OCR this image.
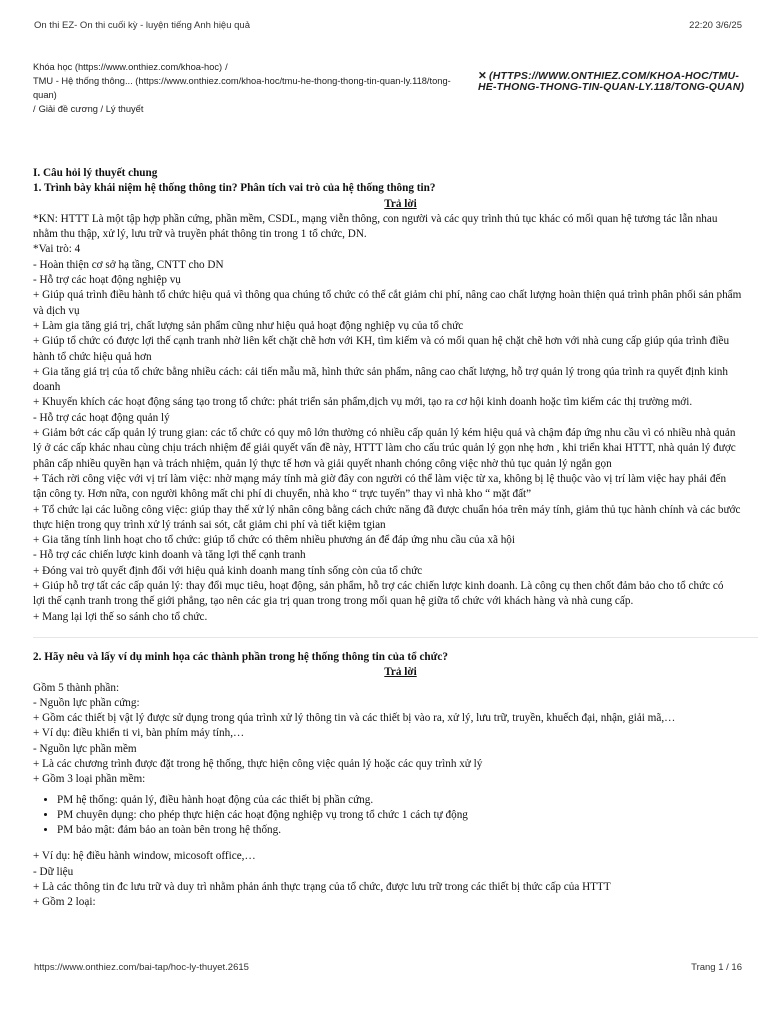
On thi EZ- On thi cuối kỳ - luyện tiếng Anh hiệu quả	22:20 3/6/25
Khóa học (https://www.onthiez.com/khoa-hoc) /
TMU - Hệ thống thông... (https://www.onthiez.com/khoa-hoc/tmu-he-thong-thong-tin-quan-ly.118/tong-quan)
/ Giải đề cương / Lý thuyết
✕ (HTTPS://WWW.ONTHIEZ.COM/KHOA-HOC/TMU-
HE-THONG-THONG-TIN-QUAN-LY.118/TONG-QUAN)

I. Câu hỏi lý thuyết chung

1. Trình bày khái niệm hệ thống thông tin? Phân tích vai trò của hệ thống thông tin?

Trả lời

*KN: HTTT Là một tập hợp phần cứng, phần mềm, CSDL, mạng viễn thông, con người và các quy trình thủ tục khác có mối quan hệ tương tác lẫn nhau

nhằm thu thập, xử lý, lưu trữ và truyền phát thông tin trong 1 tổ chức, DN.

*Vai trò: 4

- Hoàn thiện cơ sở hạ tầng, CNTT cho DN

- Hỗ trợ các hoạt động nghiệp vụ

+ Giúp quá trình điều hành tổ chức hiệu quả vì thông qua chúng tổ chức có thể cắt giảm chi phí, nâng cao chất lượng hoàn thiện quá trình phân phối sản phẩm

và dịch vụ

+ Làm gia tăng giá trị, chất lượng sản phẩm cũng như hiệu quả hoạt động nghiệp vụ của tổ chức

+ Giúp tổ chức có được lợi thế cạnh tranh nhờ liên kết chặt chẽ hơn với KH, tìm kiếm và có mối quan hệ chặt chẽ hơn với nhà cung cấp giúp qúa trình điều

hành tổ chức hiệu quả hơn

+ Gia tăng giá trị của tổ chức bằng nhiều cách: cải tiến mẫu mã, hình thức sản phẩm, nâng cao chất lượng, hỗ trợ quản lý trong qúa trình ra quyết định kinh

doanh

+ Khuyến khích các hoạt động sáng tạo trong tổ chức: phát triển sản phẩm,dịch vụ mới, tạo ra cơ hội kinh doanh hoặc tìm kiếm các thị trường mới.

- Hỗ trợ các hoạt động quản lý

+ Giảm bớt các cấp quản lý trung gian: các tổ chức có quy mô lớn thường có nhiều cấp quản lý kém hiệu quả và chậm đáp ứng nhu cầu vì có nhiều nhà quản

lý ở các cấp khác nhau cùng chịu trách nhiệm để giải quyết vấn đề này, HTTT làm cho cấu trúc quản lý gọn nhẹ hơn , khi triển khai HTTT, nhà quản lý được

phân cấp nhiều quyền hạn và trách nhiệm, quản lý thực tế hơn và giải quyết nhanh chóng công việc nhờ thủ tục quản lý ngắn gọn

+ Tách rời công việc với vị trí làm việc: nhờ mạng máy tính mà giờ đây con người có thể làm việc từ xa, không bị lệ thuộc vào vị trí làm việc hay phải đến

tận công ty. Hơn nữa, con người không mất chi phí di chuyển, nhà kho “ trực tuyến” thay vì nhà kho “ mặt đất”

+ Tổ chức lại các luồng công việc: giúp thay thế xử lý nhân công bằng cách chức năng đã được chuẩn hóa trên máy tính, giảm thủ tục hành chính và các bước

thực hiện trong quy trình xử lý tránh sai sót, cắt giảm chi phí và tiết kiệm tgian

+ Gia tăng tính linh hoạt cho tổ chức: giúp tổ chức có thêm nhiều phương án để đáp ứng nhu cầu của xã hội

- Hỗ trợ các chiến lược kinh doanh và tăng lợi thế cạnh tranh

+ Đóng vai trò quyết định đối với hiệu quả kinh doanh mang tính sống còn của tổ chức

+ Giúp hỗ trợ tất các cấp quản lý: thay đổi mục tiêu, hoạt động, sản phẩm, hỗ trợ các chiến lược kinh doanh. Là công cụ then chốt đảm bảo cho tổ chức có

lợi thế cạnh tranh trong thế giới phẳng, tạo nên các gia trị quan trong trong mối quan hệ giữa tổ chức với khách hàng và nhà cung cấp.

+ Mang lại lợi thế so sánh cho tổ chức.

2. Hãy nêu và lấy ví dụ minh họa các thành phần trong hệ thống thông tin của tổ chức?

Trả lời

Gồm 5 thành phần:

- Nguồn lực phần cứng:

+ Gồm các thiết bị vật lý được sử dụng trong qúa trình xử lý thông tin và các thiết bị vào ra, xử lý, lưu trữ, truyền, khuếch đại, nhận, giải mã,…

+ Ví dụ: điều khiển ti vi, bàn phím máy tính,…

- Nguồn lực phần mềm

+ Là các chương trình được đặt trong hệ thống, thực hiện công việc quản lý hoặc các quy trình xử lý

+ Gồm 3 loại phần mềm:

• PM hệ thống: quản lý, điều hành hoạt động của các thiết bị phần cứng.
• PM chuyên dụng: cho phép thực hiện các hoạt động nghiệp vụ trong tổ chức 1 cách tự động
• PM bảo mật: đảm bảo an toàn bên trong hệ thống.

+ Ví dụ: hệ điều hành window, micosoft office,…

- Dữ liệu

+ Là các thông tin đc lưu trữ và duy trì nhằm phản ánh thực trạng của tổ chức, được lưu trữ trong các thiết bị thức cấp của HTTT

+ Gồm 2 loại:

https://www.onthiez.com/bai-tap/hoc-ly-thuyet.2615	Trang 1 / 16
